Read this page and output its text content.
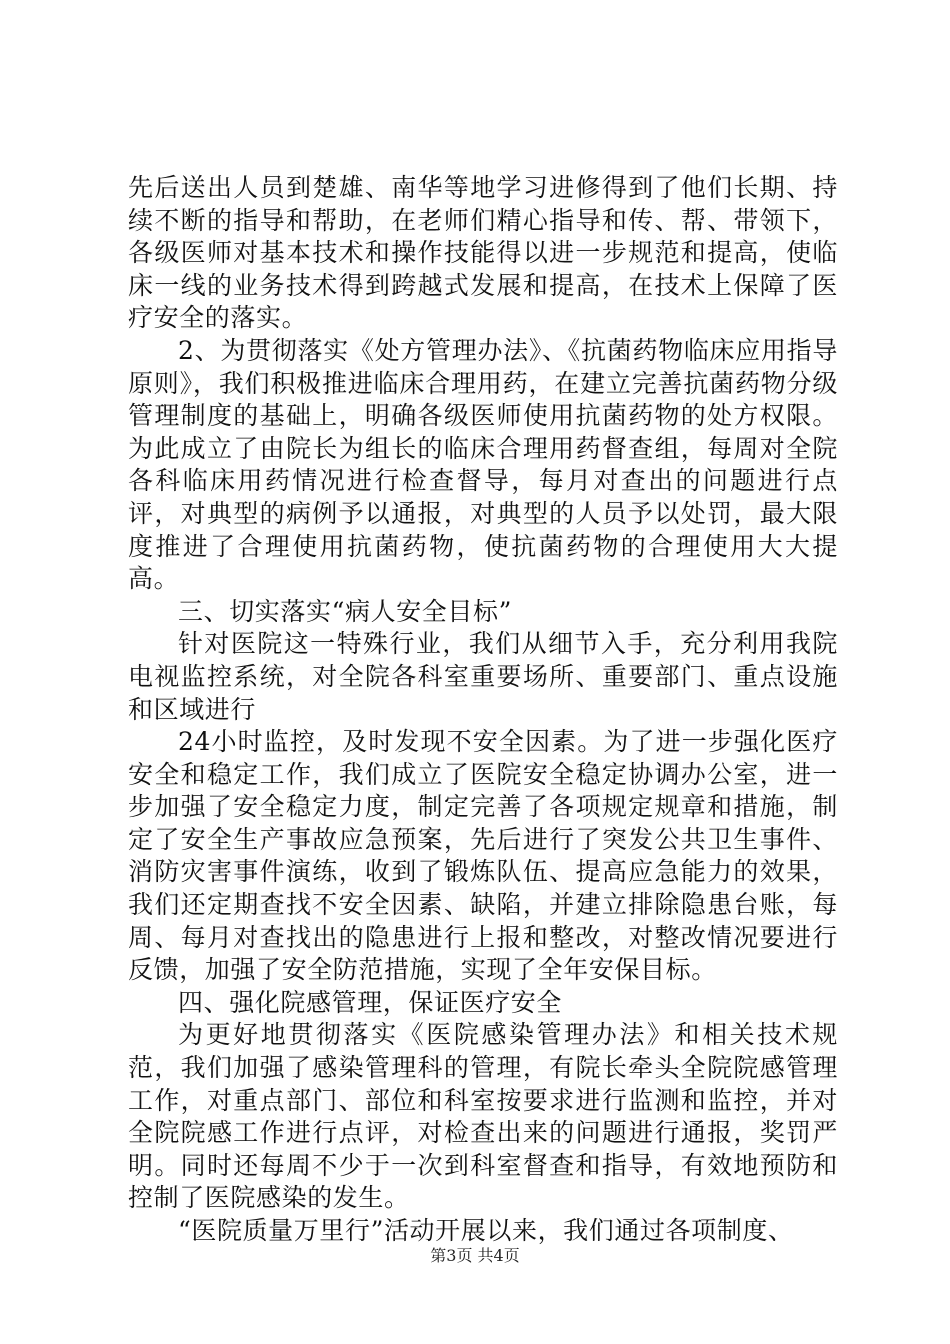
先后送出人员到楚雄、南华等地学习进修得到了他们长期、持续不断的指导和帮助，在老师们精心指导和传、帮、带领下，各级医师对基本技术和操作技能得以进一步规范和提高，使临床一线的业务技术得到跨越式发展和提高，在技术上保障了医疗安全的落实。

2、为贯彻落实《处方管理办法》、《抗菌药物临床应用指导原则》，我们积极推进临床合理用药，在建立完善抗菌药物分级管理制度的基础上，明确各级医师使用抗菌药物的处方权限。为此成立了由院长为组长的临床合理用药督查组，每周对全院各科临床用药情况进行检查督导，每月对查出的问题进行点评，对典型的病例予以通报，对典型的人员予以处罚，最大限度推进了合理使用抗菌药物，使抗菌药物的合理使用大大提高。

三、切实落实“病人安全目标”

针对医院这一特殊行业，我们从细节入手，充分利用我院电视监控系统，对全院各科室重要场所、重要部门、重点设施和区域进行

24小时监控，及时发现不安全因素。为了进一步强化医疗安全和稳定工作，我们成立了医院安全稳定协调办公室，进一步加强了安全稳定力度，制定完善了各项规定规章和措施，制定了安全生产事故应急预案，先后进行了突发公共卫生事件、消防灾害事件演练，收到了锻炼队伍、提高应急能力的效果，我们还定期查找不安全因素、缺陷，并建立排除隐患台账，每周、每月对查找出的隐患进行上报和整改，对整改情况要进行反馈，加强了安全防范措施，实现了全年安保目标。

四、强化院感管理，保证医疗安全

为更好地贯彻落实《医院感染管理办法》和相关技术规范，我们加强了感染管理科的管理，有院长牵头全院院感管理工作，对重点部门、部位和科室按要求进行监测和监控，并对全院院感工作进行点评，对检查出来的问题进行通报，奖罚严明。同时还每周不少于一次到科室督查和指导，有效地预防和控制了医院感染的发生。

“医院质量万里行”活动开展以来，我们通过各项制度、

第3页 共4页
